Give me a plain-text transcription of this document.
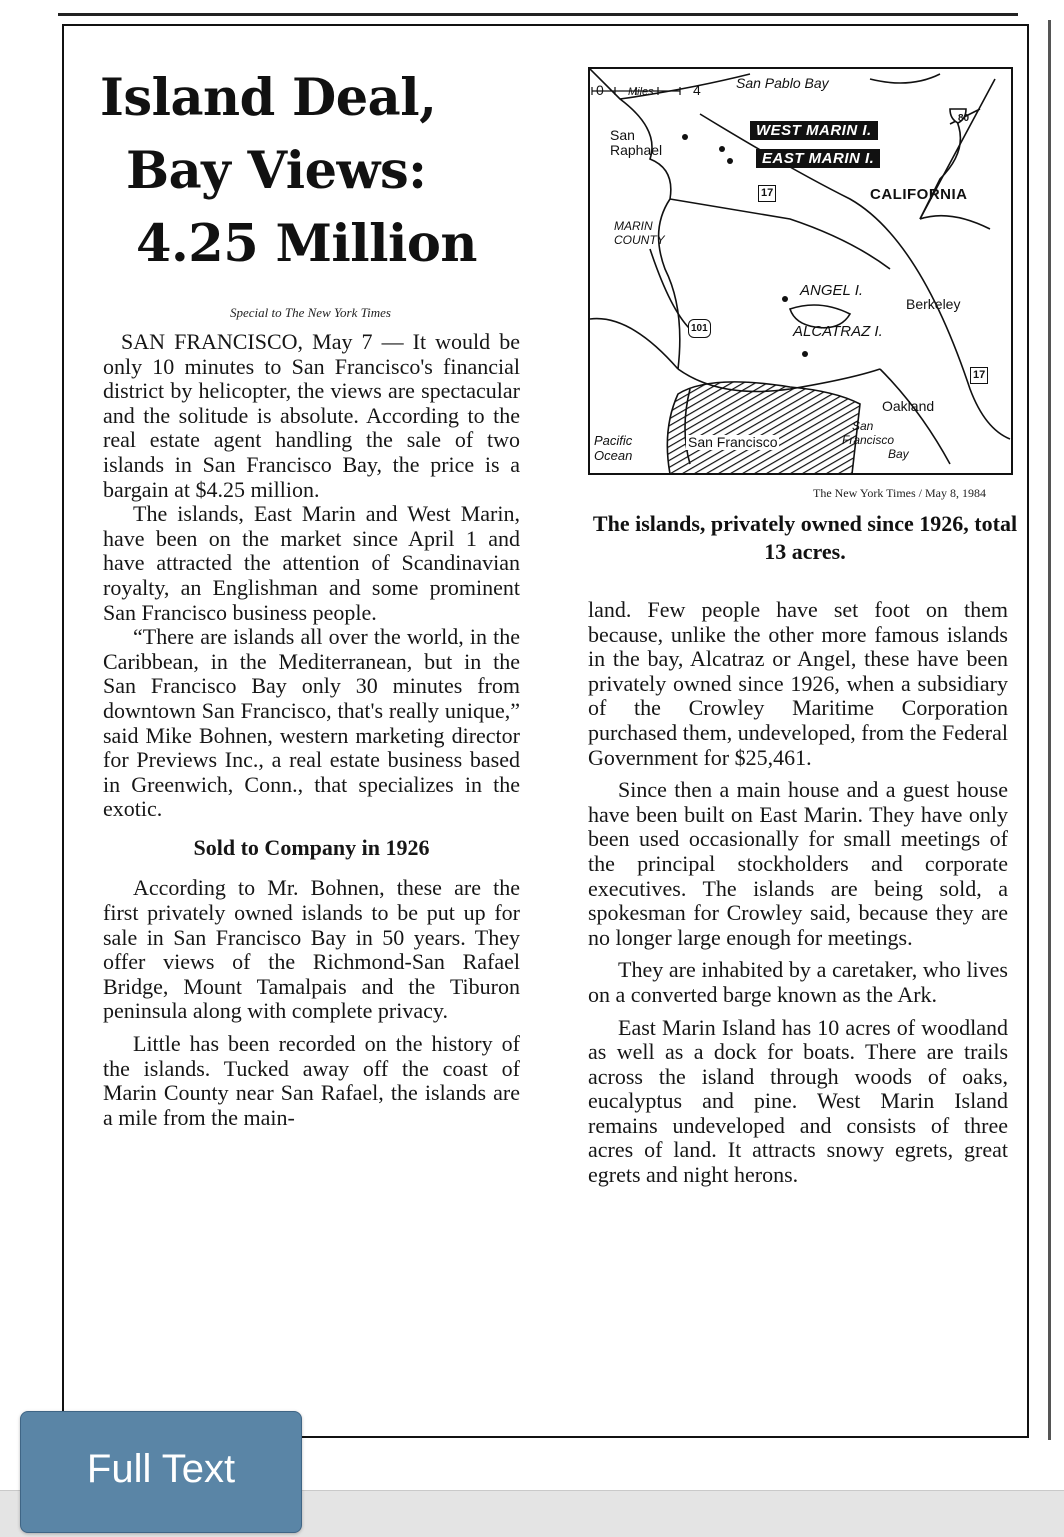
Island Deal,
Bay Views:
4.25 Million
Special to The New York Times

SAN FRANCISCO, May 7 — It would be only 10 minutes to San Francisco's financial district by helicopter, the views are spectacular and the solitude is absolute. According to the real estate agent handling the sale of two islands in San Francisco Bay, the price is a bargain at $4.25 million.

The islands, East Marin and West Marin, have been on the market since April 1 and have attracted the attention of Scandinavian royalty, an Englishman and some prominent San Francisco business people.

“There are islands all over the world, in the Caribbean, in the Mediterranean, but in the San Francisco Bay only 30 minutes from downtown San Francisco, that's really unique,” said Mike Bohnen, western marketing director for Previews Inc., a real estate business based in Greenwich, Conn., that specializes in the exotic.

Sold to Company in 1926

According to Mr. Bohnen, these are the first privately owned islands to be put up for sale in San Francisco Bay in 50 years. They offer views of the Richmond-San Rafael Bridge, Mount Tamalpais and the Tiburon peninsula along with complete privacy.

Little has been recorded on the history of the islands. Tucked away off the coast of Marin County near San Rafael, the islands are a mile from the main-

0 Miles	4	San Pablo Bay
San
Raphael
WEST MARIN I.
EAST MARIN I.
CALIFORNIA
MARIN
COUNTY
ANGEL I.
Berkeley
ALCATRAZ I.
Oakland
San
Francisco
Bay
Pacific
Ocean
San Francisco
80
17
101
17
The New York Times / May 8, 1984
The islands, privately owned since 1926, total 13 acres.

land. Few people have set foot on them because, unlike the other more famous islands in the bay, Alcatraz or Angel, these have been privately owned since 1926, when a subsidiary of the Crowley Maritime Corporation purchased them, undeveloped, from the Federal Government for $25,461.

Since then a main house and a guest house have been built on East Marin. They have only been used occasionally for small meetings of the principal stockholders and corporate executives. The islands are being sold, a spokesman for Crowley said, because they are no longer large enough for meetings.

They are inhabited by a caretaker, who lives on a converted barge known as the Ark.

East Marin Island has 10 acres of woodland as well as a dock for boats. There are trails across the island through woods of oaks, eucalyptus and pine. West Marin Island remains undeveloped and consists of three acres of land. It attracts snowy egrets, great egrets and night herons.

Full Text
